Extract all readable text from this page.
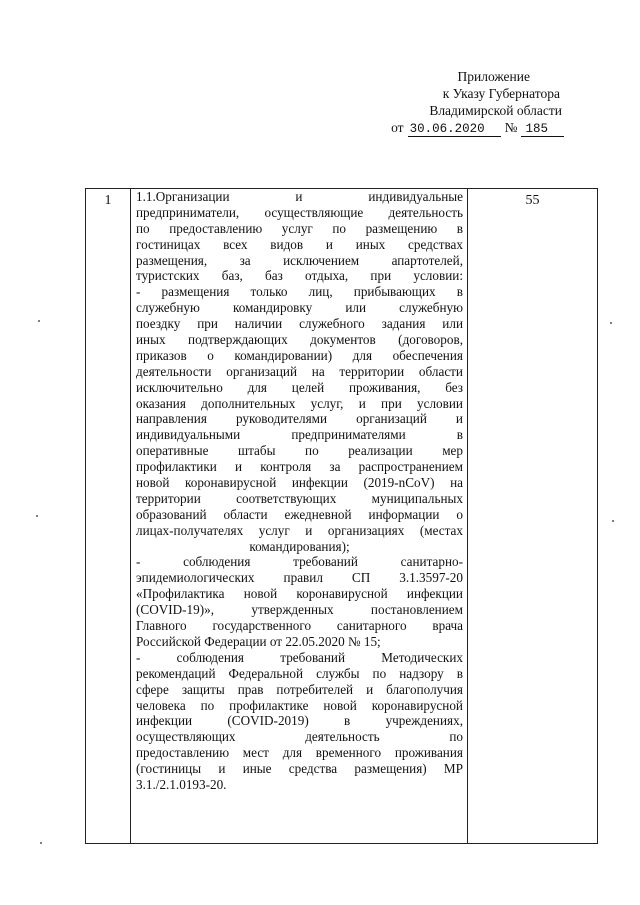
Приложение
к Указу Губернатора
Владимирской области
от 30.06.2020 № 185
1	1.1.Организации и индивидуальные
предприниматели, осуществляющие деятельность
по предоставлению услуг по размещению в
гостиницах всех видов и иных средствах
размещения, за исключением апартотелей,
туристских баз, баз отдыха, при условии:
- размещения только лиц, прибывающих в
служебную командировку или служебную
поездку при наличии служебного задания или
иных подтверждающих документов (договоров,
приказов о командировании) для обеспечения
деятельности организаций на территории области
исключительно для целей проживания, без
оказания дополнительных услуг, и при условии
направления руководителями организаций и
индивидуальными предпринимателями в
оперативные штабы по реализации мер
профилактики и контроля за распространением
новой коронавирусной инфекции (2019-nCoV) на
территории соответствующих муниципальных
образований области ежедневной информации о
лицах-получателях услуг и организациях (местах
командирования);
- соблюдения требований санитарно-
эпидемиологических правил СП 3.1.3597-20
«Профилактика новой коронавирусной инфекции
(COVID-19)», утвержденных постановлением
Главного государственного санитарного врача
Российской Федерации от 22.05.2020 № 15;
- соблюдения требований Методических
рекомендаций Федеральной службы по надзору в
сфере защиты прав потребителей и благополучия
человека по профилактике новой коронавирусной
инфекции (COVID-2019) в учреждениях,
осуществляющих деятельность по
предоставлению мест для временного проживания
(гостиницы и иные средства размещения) МР
3.1./2.1.0193-20.
	55
